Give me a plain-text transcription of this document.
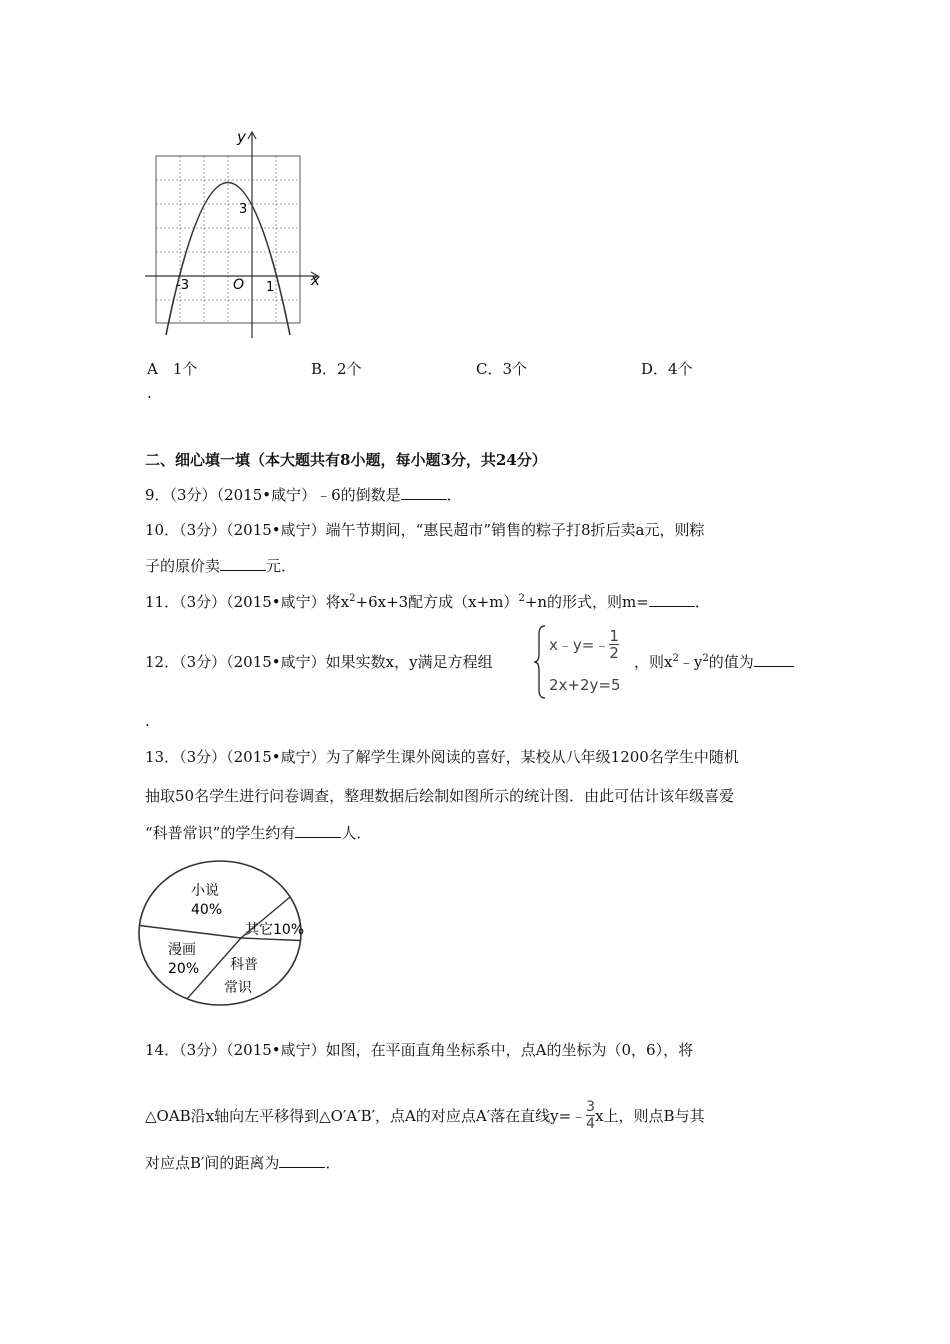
y
x
3
-3	O 1
A　1个
.
B．2个	C．3个	D．4个
二、细心填一填（本大题共有8小题，每小题3分，共24分）
9．（3分）（2015•咸宁）﹣6的倒数是	．
10．（3分）（2015•咸宁）端午节期间，“惠民超市”销售的粽子打8折后卖a元，则粽
子的原价卖	元．
11．（3分）（2015•咸宁）将$x^2+6x+3$配方成$(x+m)^2+n$的形式，则m=	．
12．（3分）（2015•咸宁）如果实数x，y满足方程组
x﹣y=﹣ $\frac{1}{2}$
2x+2y=5
，则$x^2﹣y^2$的值为
.
13．（3分）（2015•咸宁）为了解学生课外阅读的喜好，某校从八年级1200名学生中随机
抽取50名学生进行问卷调查，整理数据后绘制如图所示的统计图．由此可估计该年级喜爱
“科普常识”的学生约有	人．
小说
40%
其它10%
漫画
20% 科普
常识
14．（3分）（2015•咸宁）如图，在平面直角坐标系中，点A的坐标为（0，6），将
△OAB沿x轴向左平移得到△O′A′B′，点A的对应点A′落在直线y=﹣ $\frac{3}{4}$ x上，则点B与其
对应点B′间的距离为	．
